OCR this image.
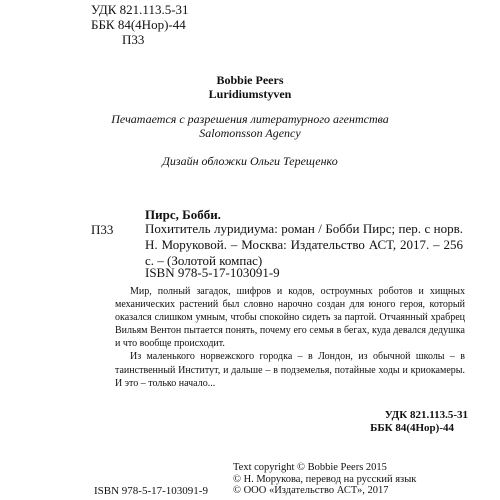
УДК 821.113.5-31
ББК 84(4Нор)-44
П33
Bobbie Peers
Luridiumstyven
Печатается с разрешения литературного агентства
Salomonsson Agency
Дизайн обложки Ольги Терещенко
Пирс, Бобби.
П33 Похититель луридиума: роман / Бобби Пирс; пер. с норв. Н. Моруковой. – Москва: Издательство АСТ, 2017. – 256 с. – (Золотой компас)
ISBN 978-5-17-103091-9

Мир, полный загадок, шифров и кодов, остроумных роботов и хищных механических растений был словно нарочно создан для юного героя, который оказался слишком умным, чтобы спокойно сидеть за партой. Отчаянный храбрец Вильям Вентон пытается понять, почему его семья в бегах, куда девался дедушка и что вообще происходит.

Из маленького норвежского городка – в Лондон, из обычной школы – в таинственный Институт, и дальше – в подземелья, потайные ходы и криокамеры. И это – только начало...

УДК 821.113.5-31
ББК 84(4Нор)-44
Text copyright © Bobbie Peers 2015
© Н. Морукова, перевод на русский язык
© ООО «Издательство АСТ», 2017
ISBN 978-5-17-103091-9
